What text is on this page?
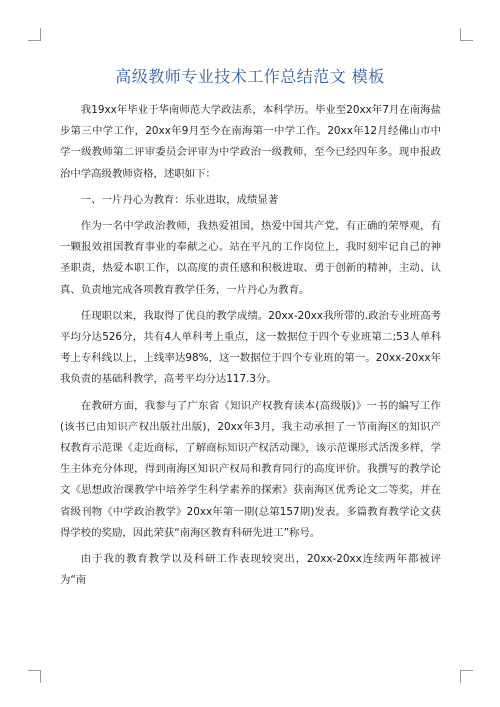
高级教师专业技术工作总结范文 模板

我19xx年毕业于华南师范大学政法系，本科学历。毕业至20xx年7月在南海盐步第三中学工作，20xx年9月至今在南海第一中学工作。20xx年12月经佛山市中学一级教师第二评审委员会评审为中学政治一级教师，至今已经四年多。现申报政治中学高级教师资格，述职如下：

一、一片丹心为教育：乐业进取，成绩显著

作为一名中学政治教师，我热爱祖国，热爱中国共产党，有正确的荣辱观，有一颗报效祖国教育事业的奉献之心。站在平凡的工作岗位上，我时刻牢记自己的神圣职责，热爱本职工作，以高度的责任感和积极进取、勇于创新的精神，主动、认真、负责地完成各项教育教学任务，一片丹心为教育。

任现职以来，我取得了优良的教学成绩。20xx-20xx我所带的.政治专业班高考平均分达526分，共有4人单科考上重点，这一数据位于四个专业班第二;53人单科考上专科线以上，上线率达98%，这一数据位于四个专业班的第一。20xx-20xx年我负责的基础科教学，高考平均分达117.3分。

在教研方面，我参与了广东省《知识产权教育读本(高级版)》一书的编写工作(该书已由知识产权出版社出版)，20xx年3月，我主动承担了一节南海区的知识产权教育示范课《走近商标，了解商标知识产权活动课》，该示范课形式活泼多样，学生主体充分体现，得到南海区知识产权局和教育同行的高度评价。我撰写的教学论文《思想政治课教学中培养学生科学素养的探索》获南海区优秀论文二等奖，并在省级刊物《中学政治教学》20xx年第一期(总第157期)发表。多篇教育教学论文获得学校的奖励，因此荣获“南海区教育科研先进工”称号。

由于我的教育教学以及科研工作表现较突出，20xx-20xx连续两年都被评为“南
